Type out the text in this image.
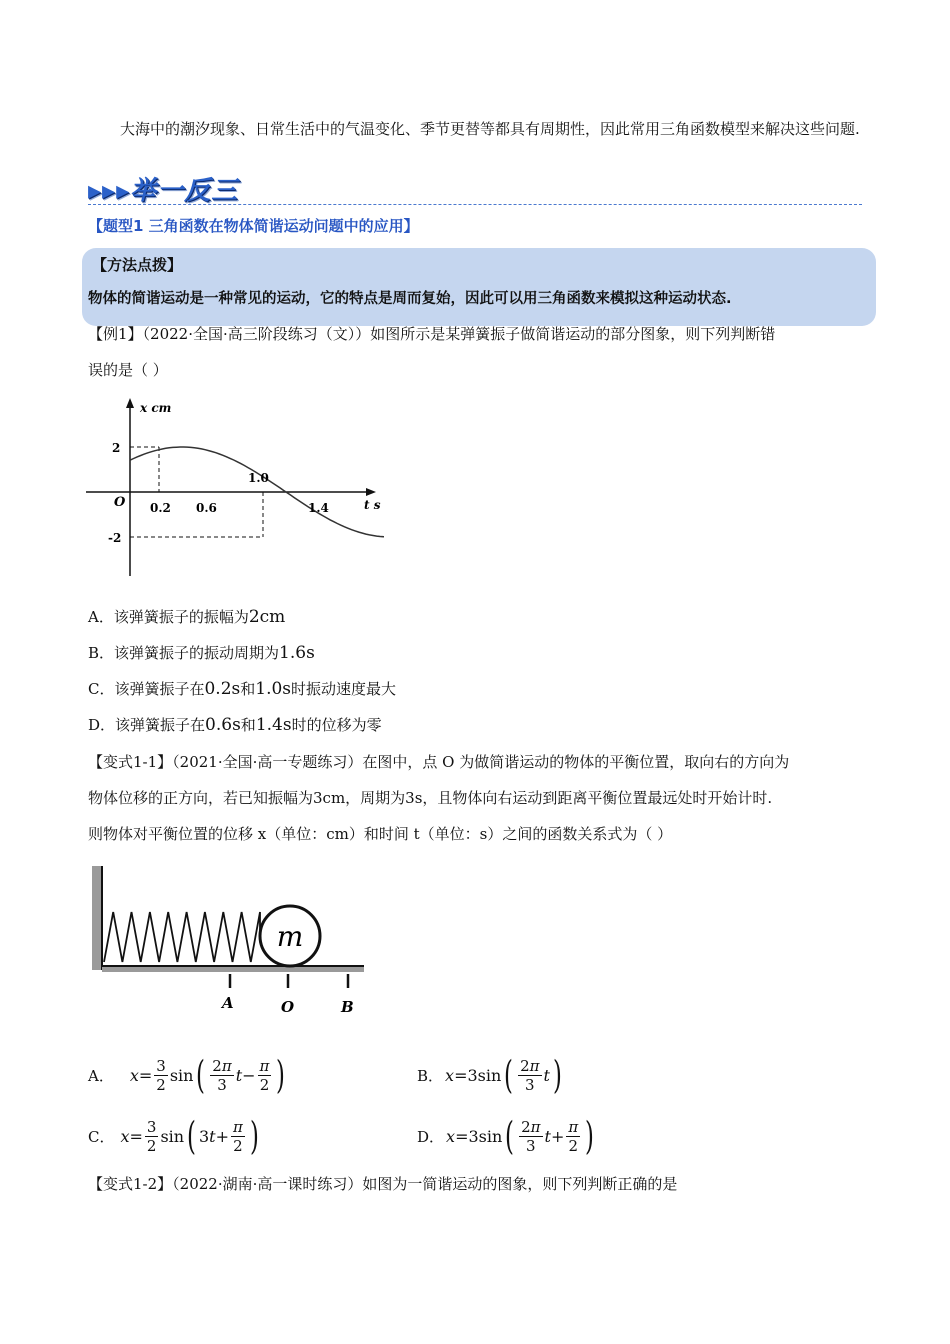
大海中的潮汐现象、日常生活中的气温变化、季节更替等都具有周期性，因此常用三角函数模型来解决这些问题.
▸▸▸举一反三
【题型1 三角函数在物体简谐运动问题中的应用】
【方法点拨】
物体的简谐运动是一种常见的运动，它的特点是周而复始，因此可以用三角函数来模拟这种运动状态.
【例1】（2022·全国·高三阶段练习（文））如图所示是某弹簧振子做简谐运动的部分图象，则下列判断错
误的是（ ）
x cm
t s
O
2
-2
0.2 0.6
1.0
1.4
A．该弹簧振子的振幅为2cm
B．该弹簧振子的振动周期为1.6s
C．该弹簧振子在0.2s和1.0s时振动速度最大
D．该弹簧振子在0.6s和1.4s时的位移为零
【变式1-1】（2021·全国·高一专题练习）在图中，点 O 为做简谐运动的物体的平衡位置，取向右的方向为
物体位移的正方向，若已知振幅为3cm，周期为3s，且物体向右运动到距离平衡位置最远处时开始计时.
则物体对平衡位置的位移 x（单位：cm）和时间 t（单位：s）之间的函数关系式为（ ）
m
A	O	B
A． $x = \frac{3}{2}$ sin ( $\frac{2\pi}{3}$ $t - \frac{\pi}{2}$ )	B． x =3sin ( $\frac{2\pi}{3}$ t )
C． $x = \frac{3}{2}$ sin ( 3 $t + \frac{\pi}{2}$ )	D． x =3sin ( $\frac{2\pi}{3}$ $t + \frac{\pi}{2}$ )
【变式1-2】（2022·湖南·高一课时练习）如图为一简谐运动的图象，则下列判断正确的是
